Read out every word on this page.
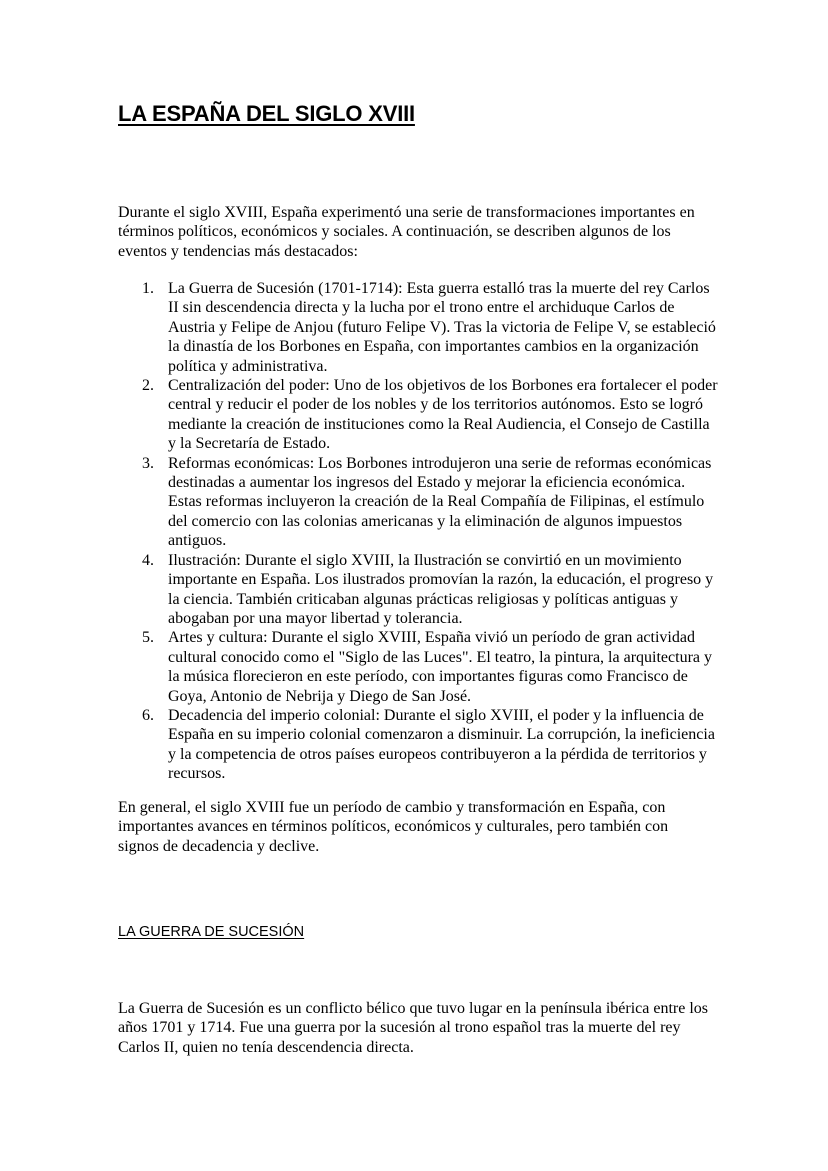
LA ESPAÑA DEL SIGLO XVIII

Durante el siglo XVIII, España experimentó una serie de transformaciones importantes en términos políticos, económicos y sociales. A continuación, se describen algunos de los eventos y tendencias más destacados:

1. La Guerra de Sucesión (1701-1714): Esta guerra estalló tras la muerte del rey Carlos II sin descendencia directa y la lucha por el trono entre el archiduque Carlos de Austria y Felipe de Anjou (futuro Felipe V). Tras la victoria de Felipe V, se estableció la dinastía de los Borbones en España, con importantes cambios en la organización política y administrativa.
2. Centralización del poder: Uno de los objetivos de los Borbones era fortalecer el poder central y reducir el poder de los nobles y de los territorios autónomos. Esto se logró mediante la creación de instituciones como la Real Audiencia, el Consejo de Castilla y la Secretaría de Estado.
3. Reformas económicas: Los Borbones introdujeron una serie de reformas económicas destinadas a aumentar los ingresos del Estado y mejorar la eficiencia económica. Estas reformas incluyeron la creación de la Real Compañía de Filipinas, el estímulo del comercio con las colonias americanas y la eliminación de algunos impuestos antiguos.
4. Ilustración: Durante el siglo XVIII, la Ilustración se convirtió en un movimiento importante en España. Los ilustrados promovían la razón, la educación, el progreso y la ciencia. También criticaban algunas prácticas religiosas y políticas antiguas y abogaban por una mayor libertad y tolerancia.
5. Artes y cultura: Durante el siglo XVIII, España vivió un período de gran actividad cultural conocido como el "Siglo de las Luces". El teatro, la pintura, la arquitectura y la música florecieron en este período, con importantes figuras como Francisco de Goya, Antonio de Nebrija y Diego de San José.
6. Decadencia del imperio colonial: Durante el siglo XVIII, el poder y la influencia de España en su imperio colonial comenzaron a disminuir. La corrupción, la ineficiencia y la competencia de otros países europeos contribuyeron a la pérdida de territorios y recursos.

En general, el siglo XVIII fue un período de cambio y transformación en España, con importantes avances en términos políticos, económicos y culturales, pero también con signos de decadencia y declive.

LA GUERRA DE SUCESIÓN

La Guerra de Sucesión es un conflicto bélico que tuvo lugar en la península ibérica entre los años 1701 y 1714. Fue una guerra por la sucesión al trono español tras la muerte del rey Carlos II, quien no tenía descendencia directa.
